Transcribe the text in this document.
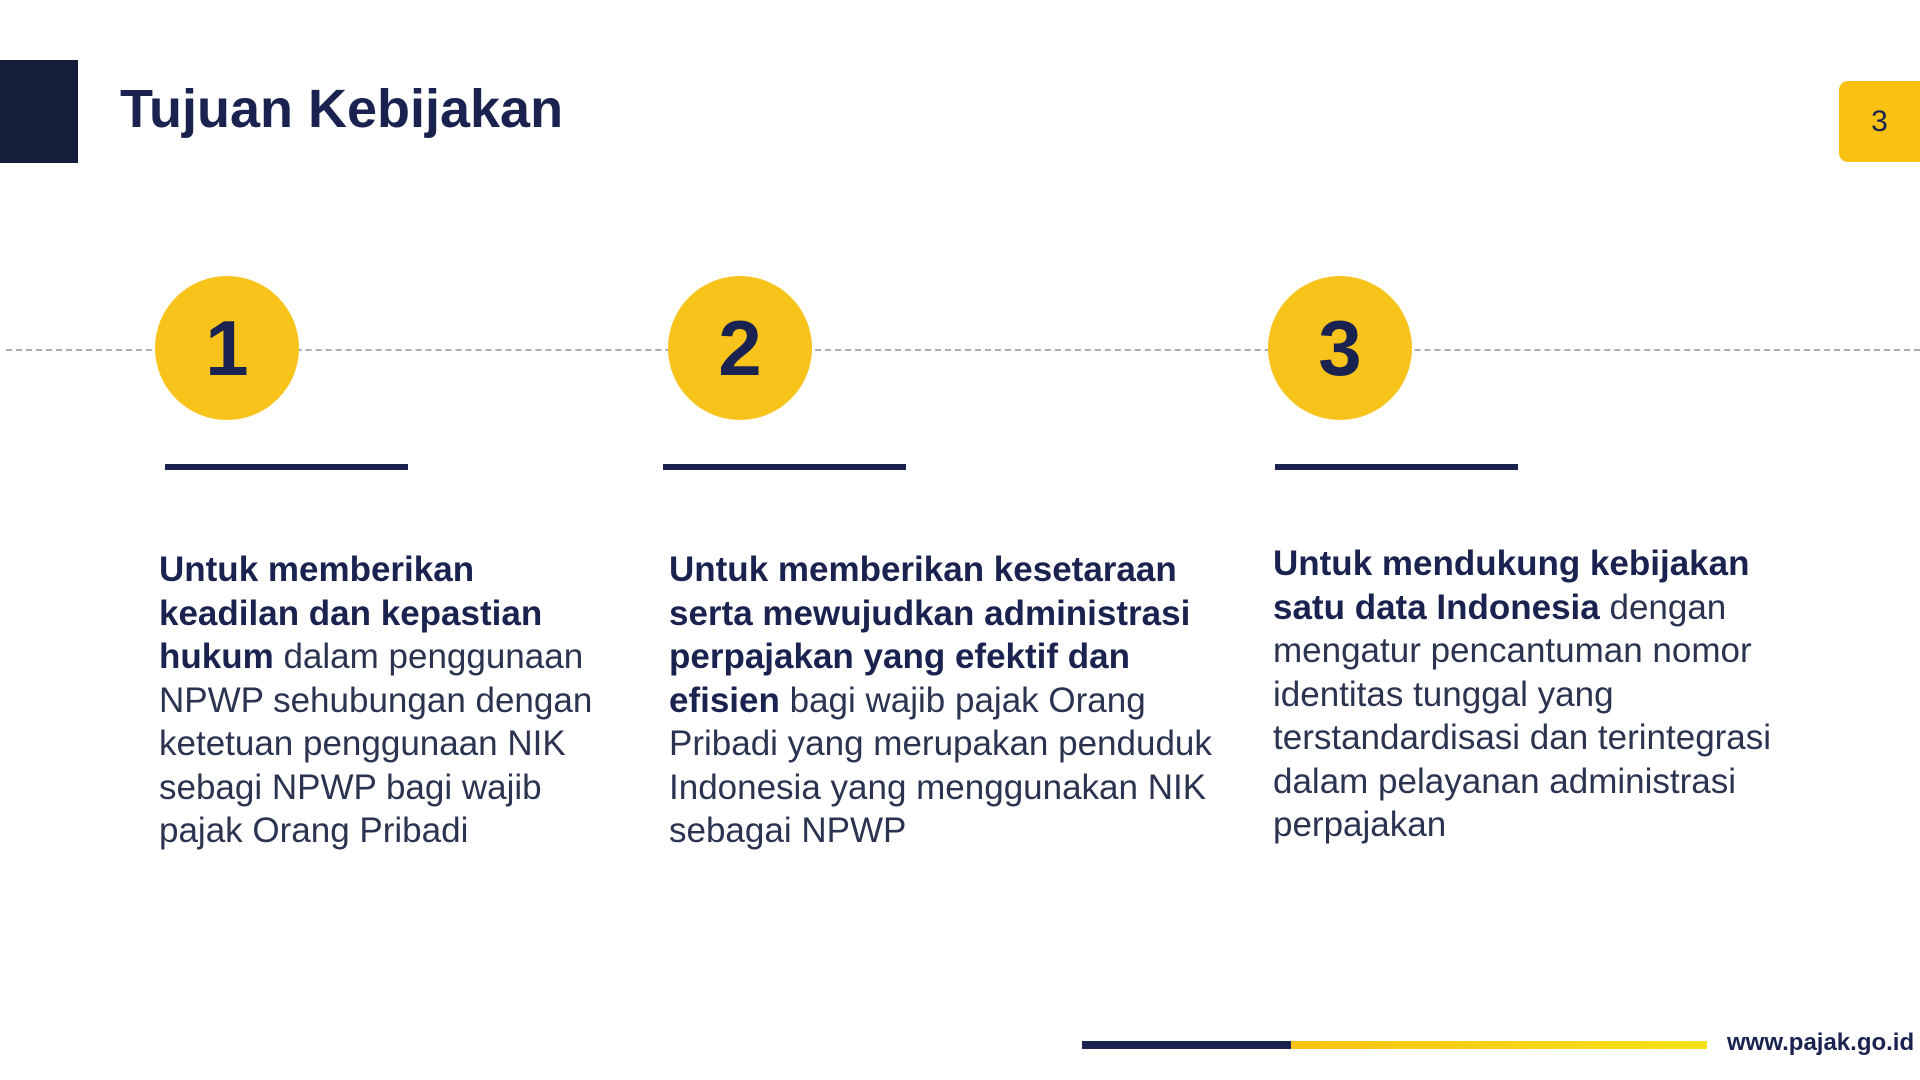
Tujuan Kebijakan	3
1	2	3

Untuk memberikan keadilan dan kepastian hukum dalam penggunaan NPWP sehubungan dengan ketetuan penggunaan NIK sebagi NPWP bagi wajib pajak Orang Pribadi

Untuk memberikan kesetaraan serta mewujudkan administrasi perpajakan yang efektif dan efisien bagi wajib pajak Orang Pribadi yang merupakan penduduk Indonesia yang menggunakan NIK sebagai NPWP

Untuk mendukung kebijakan satu data Indonesia dengan mengatur pencantuman nomor identitas tunggal yang terstandardisasi dan terintegrasi dalam pelayanan administrasi perpajakan

www.pajak.go.id
